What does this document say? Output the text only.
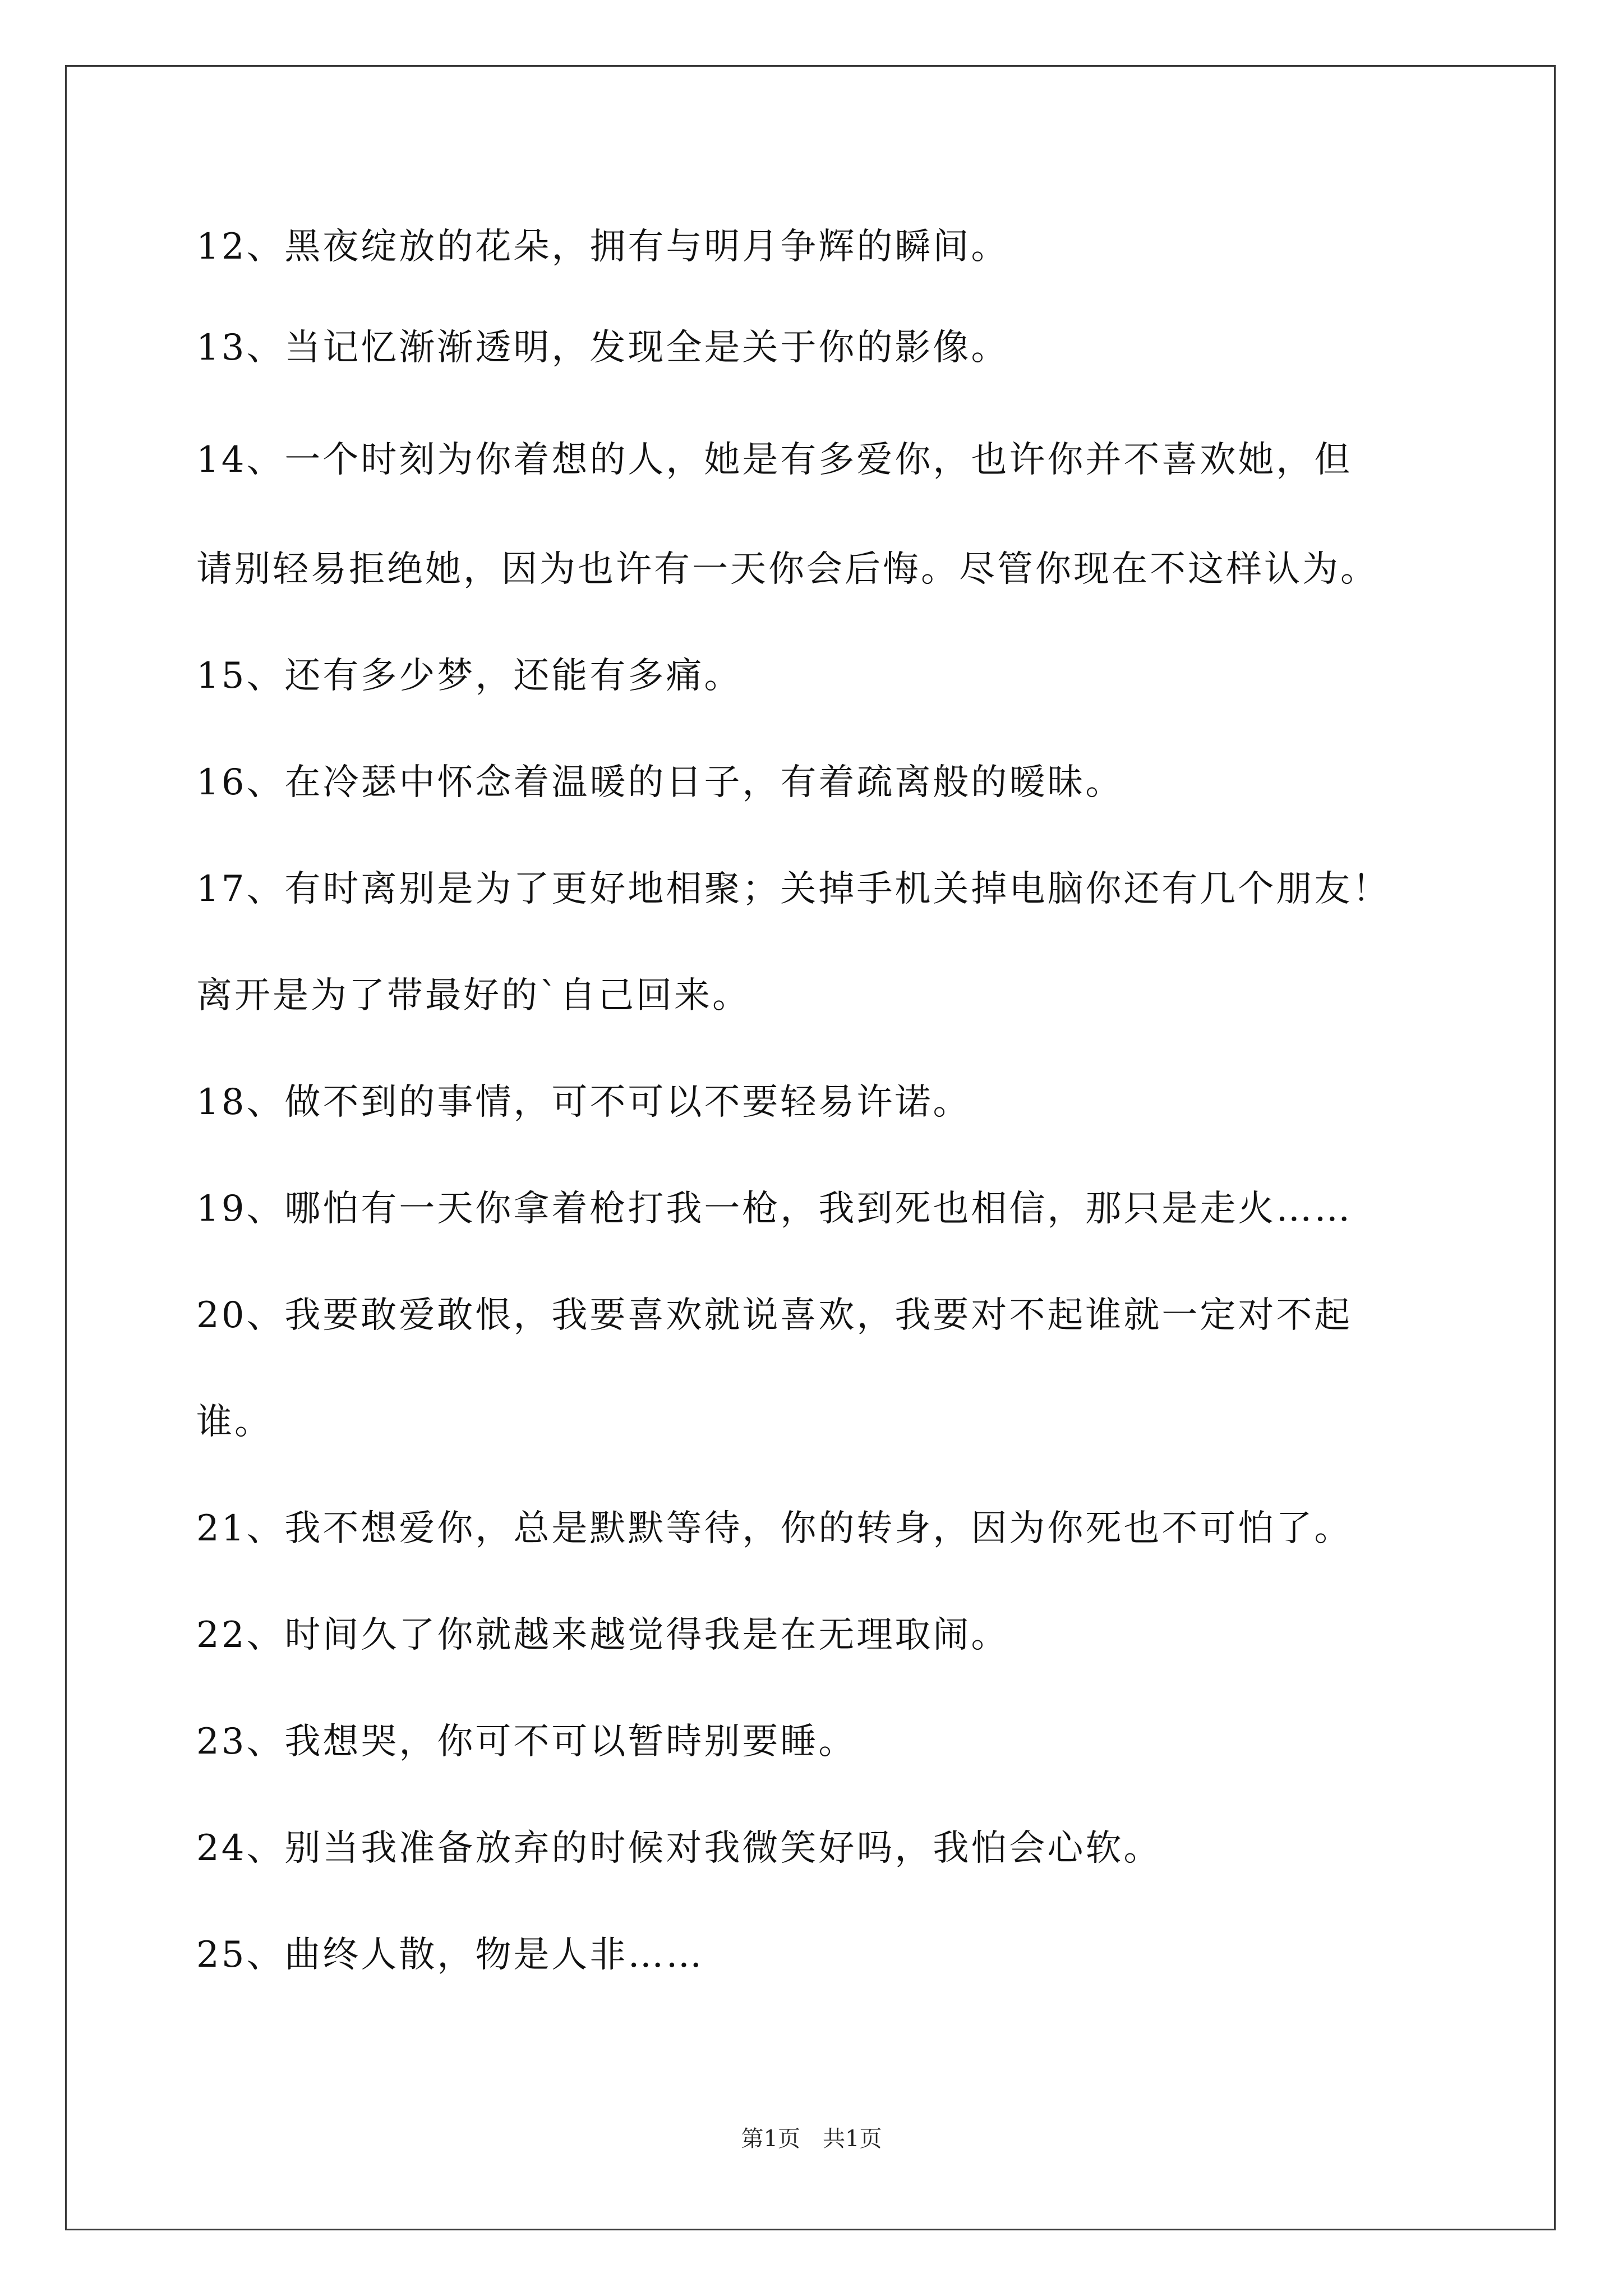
12、黑夜绽放的花朵，拥有与明月争辉的瞬间。
13、当记忆渐渐透明，发现全是关于你的影像。
14、一个时刻为你着想的人，她是有多爱你，也许你并不喜欢她，但
请别轻易拒绝她，因为也许有一天你会后悔。尽管你现在不这样认为。
15、还有多少梦，还能有多痛。
16、在冷瑟中怀念着温暖的日子，有着疏离般的暧昧。
17、有时离别是为了更好地相聚；关掉手机关掉电脑你还有几个朋友！
离开是为了带最好的`自己回来。
18、做不到的事情，可不可以不要轻易许诺。
19、哪怕有一天你拿着枪打我一枪，我到死也相信，那只是走火……
20、我要敢爱敢恨，我要喜欢就说喜欢，我要对不起谁就一定对不起
谁。
21、我不想爱你，总是默默等待，你的转身，因为你死也不可怕了。
22、时间久了你就越来越觉得我是在无理取闹。
23、我想哭，你可不可以暂時别要睡。
24、别当我准备放弃的时候对我微笑好吗，我怕会心软。
25、曲终人散，物是人非……
第1页　共1页
